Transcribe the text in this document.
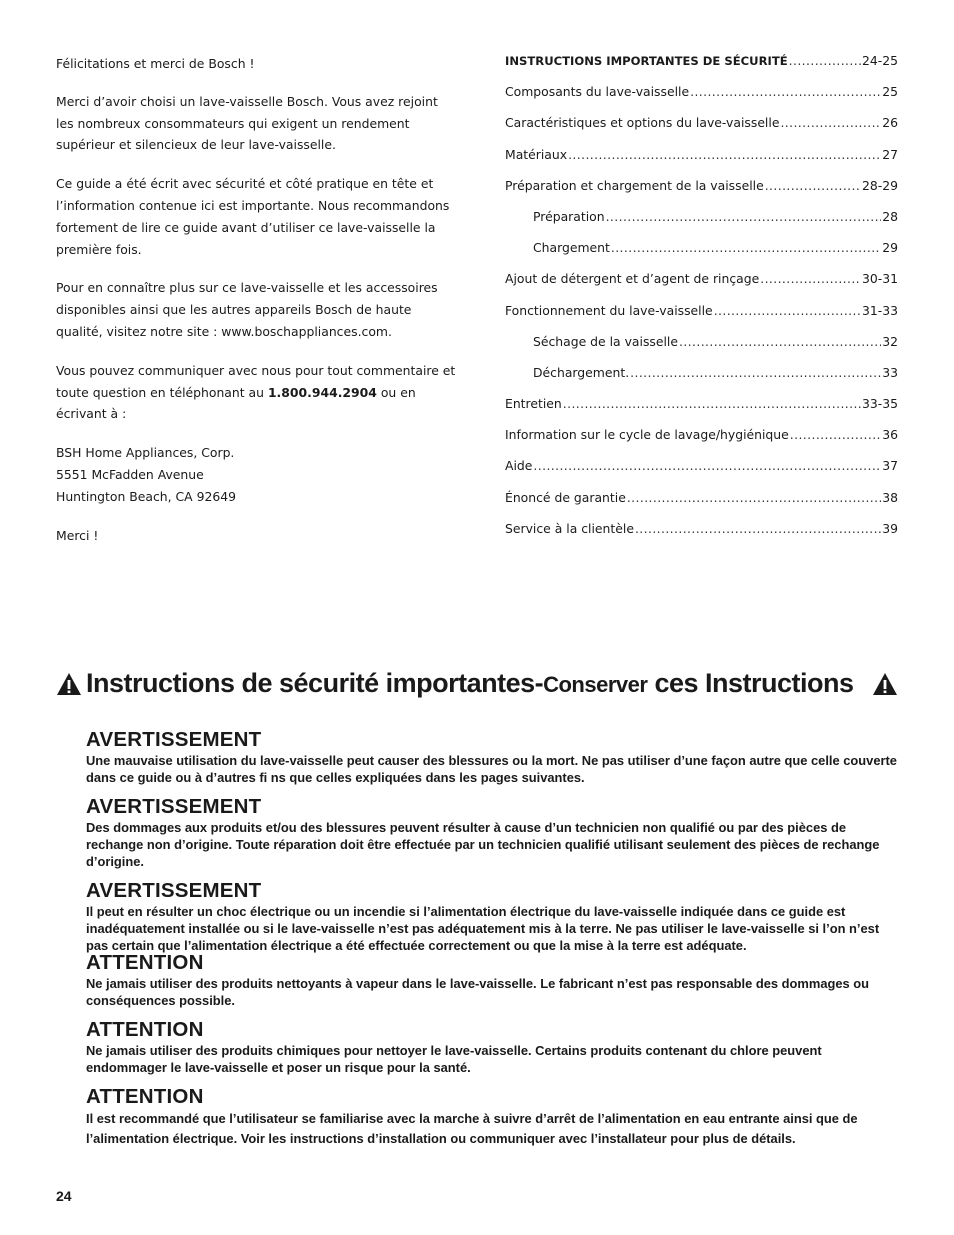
Félicitations et merci de Bosch !

Merci d’avoir choisi un lave-vaisselle Bosch. Vous avez rejoint les nombreux consommateurs qui exigent un rendement supérieur et silencieux de leur lave-vaisselle.

Ce guide a été écrit avec sécurité et côté pratique en tête et l’information contenue ici est importante. Nous recommandons fortement de lire ce guide avant d’utiliser ce lave-vaisselle la première fois.

Pour en connaître plus sur ce lave-vaisselle et les accessoires disponibles ainsi que les autres appareils Bosch de haute qualité, visitez notre site : www.boschappliances.com.

Vous pouvez communiquer avec nous pour tout commentaire et toute question en téléphonant au 1.800.944.2904 ou en écrivant à :

BSH Home Appliances, Corp.
5551 McFadden Avenue
Huntington Beach, CA 92649

Merci !

INSTRUCTIONS IMPORTANTES DE SÉCURITÉ .....	24-25
Composants du lave-vaisselle .....	25
Caractéristiques et options du lave-vaisselle .....	26
Matériaux .....	27
Préparation et chargement de la vaisselle .....	28-29
Préparation .....	28
Chargement .....	29
Ajout de détergent et d’agent de rinçage .....	30-31
Fonctionnement du lave-vaisselle .....	31-33
Séchage de la vaisselle .....	32
Déchargement. .....	33
Entretien .....	33-35
Information sur le cycle de lavage/hygiénique .....	36
Aide .....	37
Énoncé de garantie .....	38
Service à la clientèle .....	39
Instructions de sécurité importantes-Conserver ces Instructions
AVERTISSEMENT

Une mauvaise utilisation du lave-vaisselle peut causer des blessures ou la mort. Ne pas utiliser d’une façon autre que celle couverte dans ce guide ou à d’autres fi ns que celles expliquées dans les pages suivantes.

AVERTISSEMENT

Des dommages aux produits et/ou des blessures peuvent résulter à cause d’un technicien non qualifié ou par des pièces de rechange non d’origine. Toute réparation doit être effectuée par un technicien qualifié utilisant seulement des pièces de rechange d’origine.

AVERTISSEMENT

Il peut en résulter un choc électrique ou un incendie si l’alimentation électrique du lave-vaisselle indiquée dans ce guide est inadéquatement installée ou si le lave-vaisselle n’est pas adéquatement mis à la terre. Ne pas utiliser le lave-vaisselle si l’on n’est pas certain que l’alimentation électrique a été effectuée correctement ou que la mise à la terre est adéquate.

ATTENTION

Ne jamais utiliser des produits nettoyants à vapeur dans le lave-vaisselle. Le fabricant n’est pas responsable des dommages ou conséquences possible.

ATTENTION

Ne jamais utiliser des produits chimiques pour nettoyer le lave-vaisselle. Certains produits contenant du chlore peuvent endommager le lave-vaisselle et poser un risque pour la santé.

ATTENTION

Il est recommandé que l’utilisateur se familiarise avec la marche à suivre d’arrêt de l’alimentation en eau entrante ainsi que de l’alimentation électrique. Voir les instructions d’installation ou communiquer avec l’installateur pour plus de détails.

24
